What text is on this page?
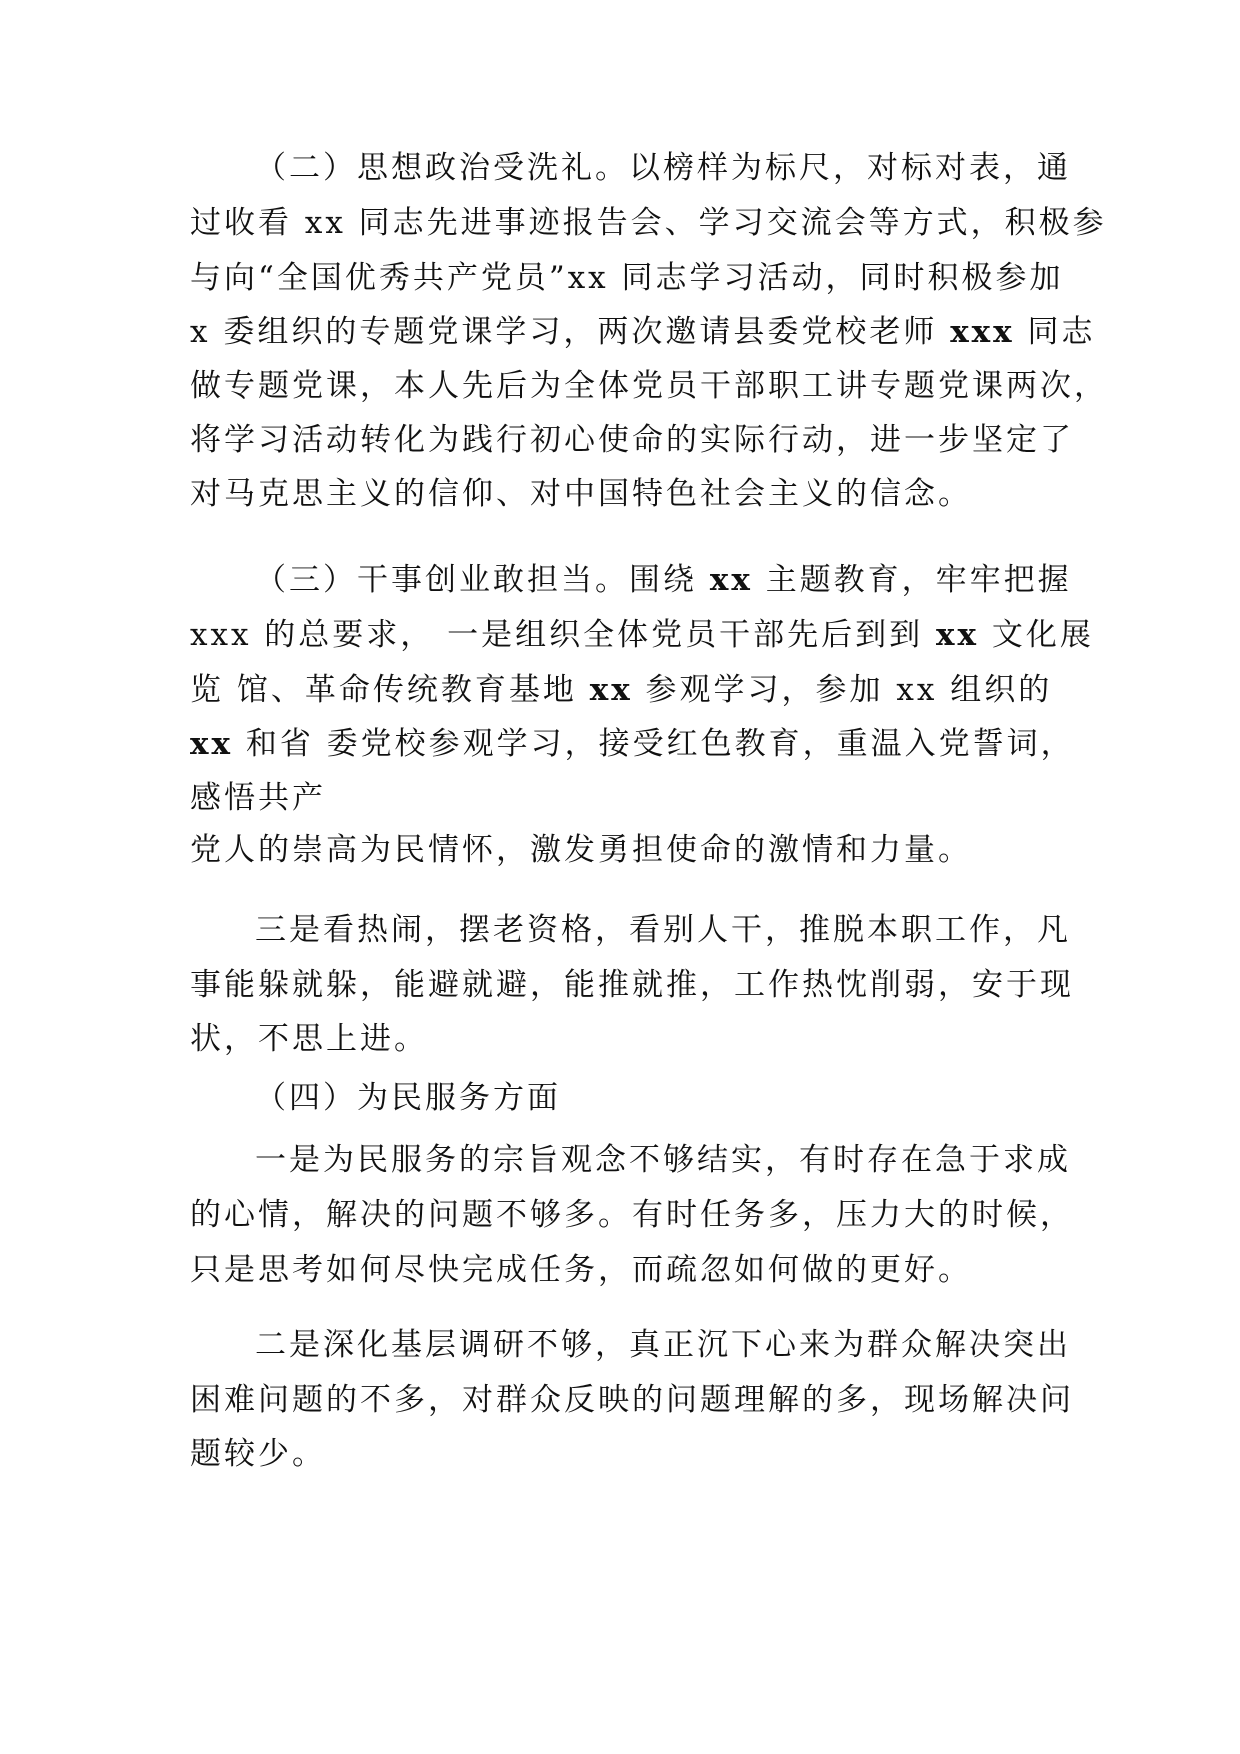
（二）思想政治受洗礼。以榜样为标尺，对标对表，通
过收看 xx 同志先进事迹报告会、学习交流会等方式，积极参
与向“全国优秀共产党员”xx 同志学习活动，同时积极参加
x 委组织的专题党课学习，两次邀请县委党校老师 xxx 同志
做专题党课，本人先后为全体党员干部职工讲专题党课两次，
将学习活动转化为践行初心使命的实际行动，进一步坚定了
对马克思主义的信仰、对中国特色社会主义的信念。
（三）干事创业敢担当。围绕 xx 主题教育，牢牢把握
xxx 的总要求， 一是组织全体党员干部先后到到 xx 文化展
览 馆、革命传统教育基地 xx 参观学习，参加 xx 组织的
xx 和省 委党校参观学习，接受红色教育，重温入党誓词，
感悟共产
党人的崇高为民情怀，激发勇担使命的激情和力量。
三是看热闹，摆老资格，看别人干，推脱本职工作，凡
事能躲就躲，能避就避，能推就推，工作热忱削弱，安于现
状，不思上进。
（四）为民服务方面
一是为民服务的宗旨观念不够结实，有时存在急于求成
的心情，解决的问题不够多。有时任务多，压力大的时候，
只是思考如何尽快完成任务，而疏忽如何做的更好。
二是深化基层调研不够，真正沉下心来为群众解决突出
困难问题的不多，对群众反映的问题理解的多，现场解决问
题较少。
